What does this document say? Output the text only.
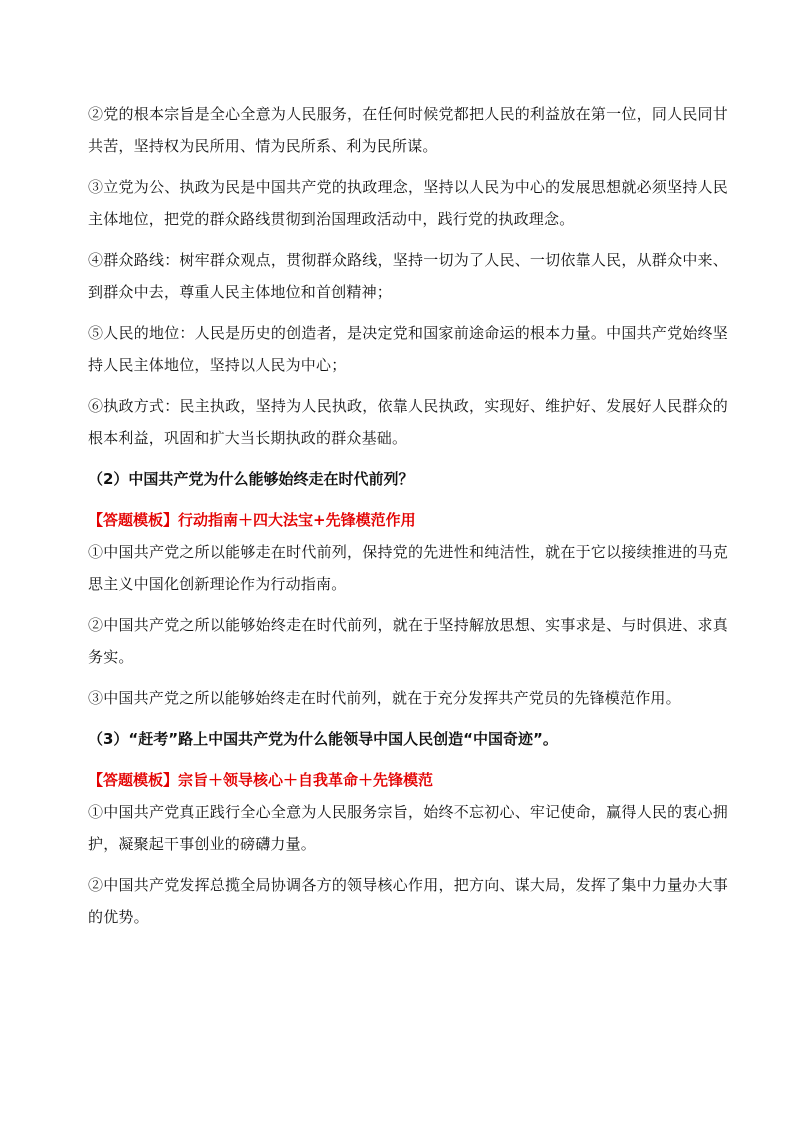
②党的根本宗旨是全心全意为人民服务，在任何时候党都把人民的利益放在第一位，同人民同甘共苦，坚持权为民所用、情为民所系、利为民所谋。

③立党为公、执政为民是中国共产党的执政理念，坚持以人民为中心的发展思想就必须坚持人民主体地位，把党的群众路线贯彻到治国理政活动中，践行党的执政理念。

④群众路线：树牢群众观点，贯彻群众路线，坚持一切为了人民、一切依靠人民，从群众中来、到群众中去，尊重人民主体地位和首创精神；

⑤人民的地位：人民是历史的创造者，是决定党和国家前途命运的根本力量。中国共产党始终坚持人民主体地位，坚持以人民为中心；

⑥执政方式：民主执政，坚持为人民执政，依靠人民执政，实现好、维护好、发展好人民群众的根本利益，巩固和扩大当长期执政的群众基础。

（2）中国共产党为什么能够始终走在时代前列？

【答题模板】行动指南＋四大法宝+先锋模范作用

①中国共产党之所以能够走在时代前列，保持党的先进性和纯洁性，就在于它以接续推进的马克思主义中国化创新理论作为行动指南。

②中国共产党之所以能够始终走在时代前列，就在于坚持解放思想、实事求是、与时俱进、求真务实。

③中国共产党之所以能够始终走在时代前列，就在于充分发挥共产党员的先锋模范作用。

（3）“赶考”路上中国共产党为什么能领导中国人民创造“中国奇迹”。

【答题模板】宗旨＋领导核心＋自我革命＋先锋模范

①中国共产党真正践行全心全意为人民服务宗旨，始终不忘初心、牢记使命，赢得人民的衷心拥护，凝聚起干事创业的磅礴力量。

②中国共产党发挥总揽全局协调各方的领导核心作用，把方向、谋大局，发挥了集中力量办大事的优势。
